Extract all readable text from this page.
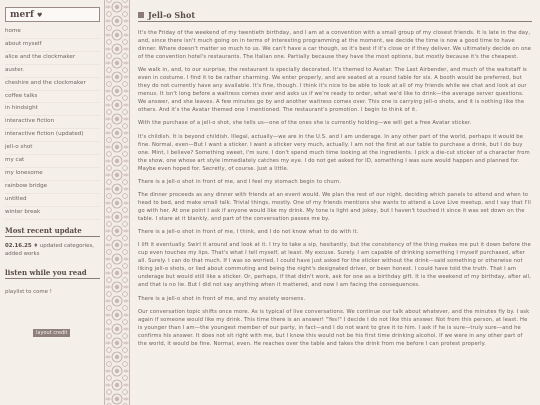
merf ♥
home
about myself
alice and the clockmaker
auster.
cheshire and the clockmaker
coffee talks
in hindsight
interactive fiction
interactive fiction (updated)
jell-o shot
my cat
my lonesome
rainbow bridge
untitled
winter break
Most recent update
02.16.25 ♦ updated categories, added works
listen while you read
playlist to come !
layout credit
Jell-o Shot

It's the Friday of the weekend of my twentieth birthday, and I am at a convention with a small group of my closest friends. It is late in the day, and, since there isn't much going on in terms of interesting programming at the moment, we decide the time is now a good time to have dinner. Where doesn't matter so much to us. We can't have a car though, so it's best if it's close or if they deliver. We ultimately decide on one of the convention hotel's restaurants. The Italian one. Partially because they have the most options, but mostly because it's the cheapest.

We walk in, and, to our surprise, the restaurant is specially decorated. It's themed to Avatar: The Last Airbender, and much of the waitstaff is even in costume. I find it to be rather charming. We enter properly, and are seated at a round table for six. A booth would be preferred, but they do not currently have any available. It's fine, though. I think it's nice to be able to look at all of my friends while we chat and look at our menus. It isn't long before a waitress comes over and asks us if we're ready to order, what we'd like to drink—the average server questions. We answer, and she leaves. A few minutes go by and another waitress comes over. This one is carrying jell-o shots, and it is nothing like the others. And it's the Avatar themed one I mentioned. The restaurant's promotion. I begin to think of it.

With the purchase of a jell-o shot, she tells us—one of the ones she is currently holding—we will get a free Avatar sticker.

It's childish. It is beyond childish. Illegal, actually—we are in the U.S. and I am underage. In any other part of the world, perhaps it would be fine. Normal, even—But I want a sticker. I want a sticker very much, actually. I am not the first at our table to purchase a drink, but I do buy one. Mint, I believe? Something sweet, I'm sure. I don't spend much time looking at the ingredients. I pick a die-cut sticker of a character from the show, one whose art style immediately catches my eye. I do not get asked for ID, something I was sure would happen and planned for. Maybe even hoped for. Secretly, of course. Just a little.

There is a jell-o shot in front of me, and I feel my stomach begin to churn.

The dinner proceeds as any dinner with friends at an event would. We plan the rest of our night, deciding which panels to attend and when to head to bed, and make small talk. Trivial things, mostly. One of my friends mentions she wants to attend a Love Live meetup, and I say that I'll go with her. At one point I ask if anyone would like my drink. My tone is light and jokey, but I haven't touched it since it was set down on the table. I stare at it blankly, and part of the conversation passes me by.

There is a jell-o shot in front of me, I think, and I do not know what to do with it.

I lift it eventually. Swirl it around and look at it. I try to take a sip, hesitantly, but the consistency of the thing makes me put it down before the cup even touches my lips. That's what I tell myself, at least. My excuse. Surely. I am capable of drinking something I myself purchased, after all. Surely. I can do that much. If I was so worried, I could have just asked for the sticker without the drink—said something or otherwise not liking jell-o shots, or lied about commuting and being the night's designated driver, or been honest. I could have told the truth. That I am underage but would still like a sticker. Or, perhaps, if that didn't work, ask for one as a birthday gift. It is the weekend of my birthday, after all, and that is no lie. But I did not say anything when it mattered, and now I am facing the consequences.

There is a jell-o shot in front of me, and my anxiety worsens.

Our conversation topic shifts once more. As is typical of live conversations. We continue our talk about whatever, and the minutes fly by. I ask again if someone would like my drink. This time there is an answer! "Yes!" I decide I do not like this answer. Not from this person, at least. He is younger than I am—the youngest member of our party, in fact—and I do not want to give it to him. I ask if he is sure—truly sure—and he confirms his answer. It does not sit right with me, but I know this would not be his first time drinking alcohol. If we were in any other part of the world, it would be fine. Normal, even. He reaches over the table and takes the drink from me before I can protest properly.
